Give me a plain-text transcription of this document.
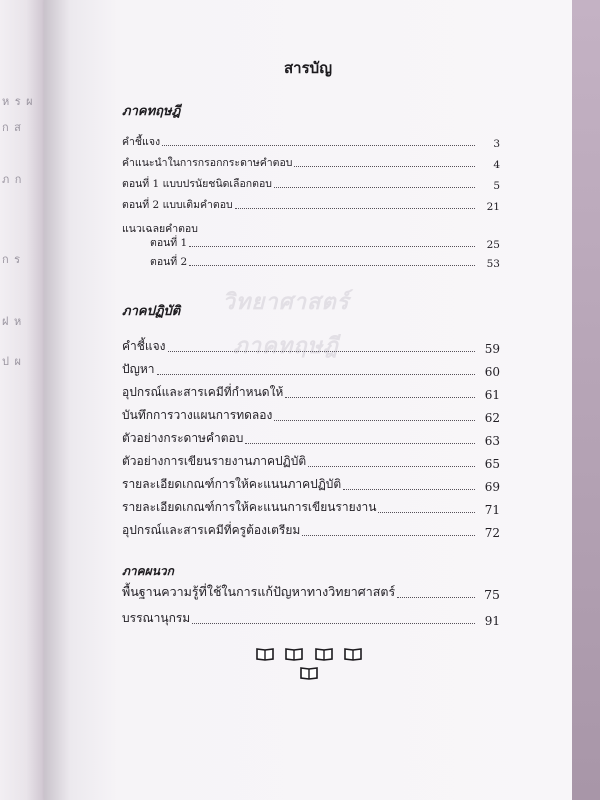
ห ร ผ
ก ส
ภ ก
ก ร
ฝ ห
ป ผ
วิทยาศาสตร์
ภาคทฤษฎี
สารบัญ
ภาคทฤษฎี
คำชี้แจง	3
คำแนะนำในการกรอกกระดาษคำตอบ	4
ตอนที่ 1 แบบปรนัยชนิดเลือกตอบ	5
ตอนที่ 2 แบบเติมคำตอบ	21
แนวเฉลยคำตอบ
ตอนที่ 1	25
ตอนที่ 2	53
ภาคปฏิบัติ
คำชี้แจง	59
ปัญหา	60
อุปกรณ์และสารเคมีที่กำหนดให้	61
บันทึกการวางแผนการทดลอง	62
ตัวอย่างกระดาษคำตอบ	63
ตัวอย่างการเขียนรายงานภาคปฏิบัติ	65
รายละเอียดเกณฑ์การให้คะแนนภาคปฏิบัติ	69
รายละเอียดเกณฑ์การให้คะแนนการเขียนรายงาน	71
อุปกรณ์และสารเคมีที่ครูต้องเตรียม	72
ภาคผนวก
พื้นฐานความรู้ที่ใช้ในการแก้ปัญหาทางวิทยาศาสตร์	75
บรรณานุกรม	91
